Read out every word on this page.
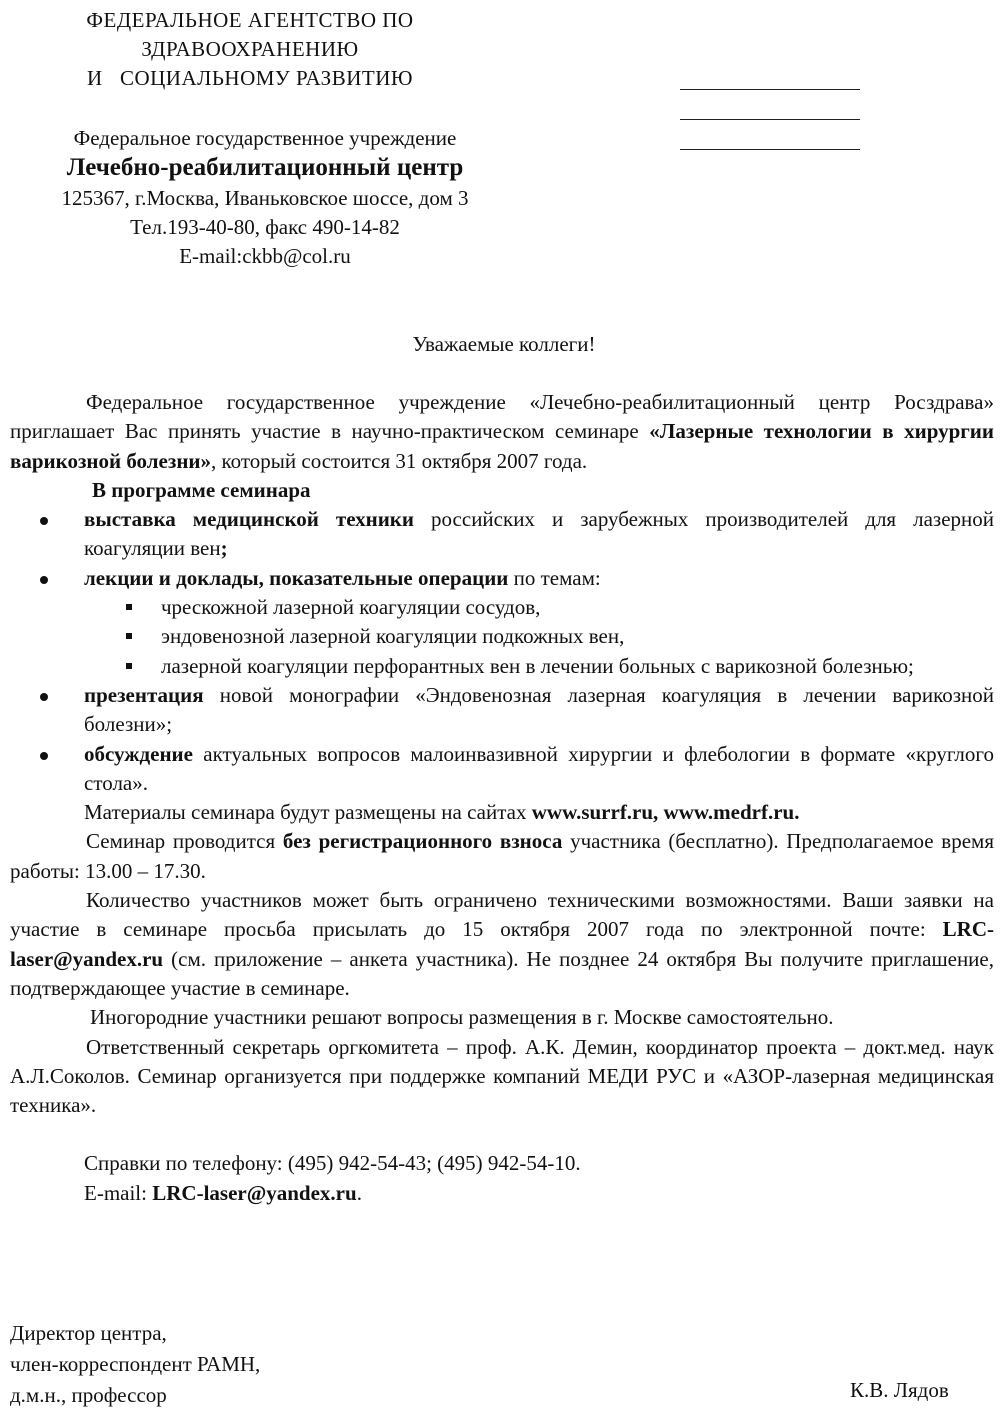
ФЕДЕРАЛЬНОЕ АГЕНТСТВО ПО
ЗДРАВООХРАНЕНИЮ
И   СОЦИАЛЬНОМУ РАЗВИТИЮ
Федеральное государственное учреждение
Лечебно-реабилитационный центр
125367, г.Москва, Иваньковское шоссе, дом 3
Тел.193-40-80, факс 490-14-82
E-mail:ckbb@col.ru
Уважаемые коллеги!

Федеральное государственное учреждение «Лечебно-реабилитационный центр Росздрава» приглашает Вас принять участие в научно-практическом семинаре «Лазерные технологии в хирургии варикозной болезни», который состоится 31 октября 2007 года.

В программе семинара

выставка медицинской техники российских и зарубежных производителей для лазерной коагуляции вен;

лекции и доклады, показательные операции по темам:

чрескожной лазерной коагуляции сосудов,

эндовенозной лазерной коагуляции подкожных вен,

лазерной коагуляции перфорантных вен в лечении больных с варикозной болезнью;

презентация новой монографии «Эндовенозная лазерная коагуляция в лечении варикозной болезни»;

обсуждение актуальных вопросов малоинвазивной хирургии и флебологии в формате «круглого стола».

Материалы семинара будут размещены на сайтах www.surrf.ru, www.medrf.ru.

Семинар проводится без регистрационного взноса участника (бесплатно). Предполагаемое время работы: 13.00 – 17.30.

Количество участников может быть ограничено техническими возможностями. Ваши заявки на участие в семинаре просьба присылать до 15 октября 2007 года по электронной почте: LRC-laser@yandex.ru (см. приложение – анкета участника). Не позднее 24 октября Вы получите приглашение, подтверждающее участие в семинаре.

Иногородние участники решают вопросы размещения в г. Москве самостоятельно.

Ответственный секретарь оргкомитета – проф. А.К. Демин, координатор проекта – докт.мед. наук А.Л.Соколов. Семинар организуется при поддержке компаний МЕДИ РУС и «АЗОР-лазерная медицинская техника».

Справки по телефону: (495) 942-54-43; (495) 942-54-10.

E-mail: LRC-laser@yandex.ru.

Директор центра,
член-корреспондент РАМН,
д.м.н., профессор	К.В. Лядов
